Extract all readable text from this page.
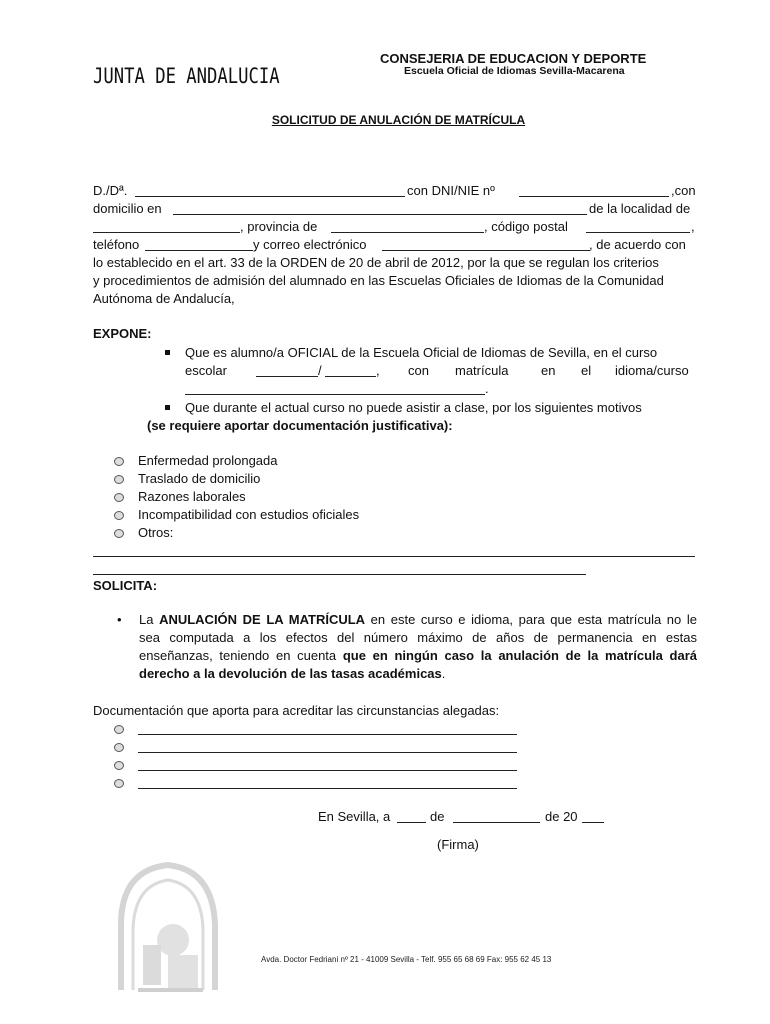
JUNTA DE ANDALUCIA
CONSEJERIA DE EDUCACION Y DEPORTE
Escuela Oficial de Idiomas Sevilla-Macarena
SOLICITUD DE ANULACIÓN DE MATRÍCULA
D./Dª.	con DNI/NIE nº	,con
domicilio en	de la localidad de
, provincia de	, código postal	,
teléfono	y correo electrónico	, de acuerdo con
lo establecido en el art. 33 de la ORDEN de 20 de abril de 2012, por la que se regulan los criterios
y procedimientos de admisión del alumnado en las Escuelas Oficiales de Idiomas de la Comunidad
Autónoma de Andalucía,
EXPONE:
Que es alumno/a OFICIAL de la Escuela Oficial de Idiomas de Sevilla, en el curso
escolar	/	, con matrícula	en el idioma/curso
.
Que durante el actual curso no puede asistir a clase, por los siguientes motivos
(se requiere aportar documentación justificativa):
Enfermedad prolongada
Traslado de domicilio
Razones laborales
Incompatibilidad con estudios oficiales
Otros:
SOLICITA:
• La ANULACIÓN DE LA MATRÍCULA en este curso e idioma, para que esta matrícula no le
sea computada a los efectos del número máximo de años de permanencia en estas
enseñanzas, teniendo en cuenta que en ningún caso la anulación de la matrícula dará
derecho a la devolución de las tasas académicas.
Documentación que aporta para acreditar las circunstancias alegadas:
En Sevilla, a	de	de 20
(Firma)
Avda. Doctor Fedriani nº 21 - 41009 Sevilla - Telf. 955 65 68 69 Fax: 955 62 45 13
